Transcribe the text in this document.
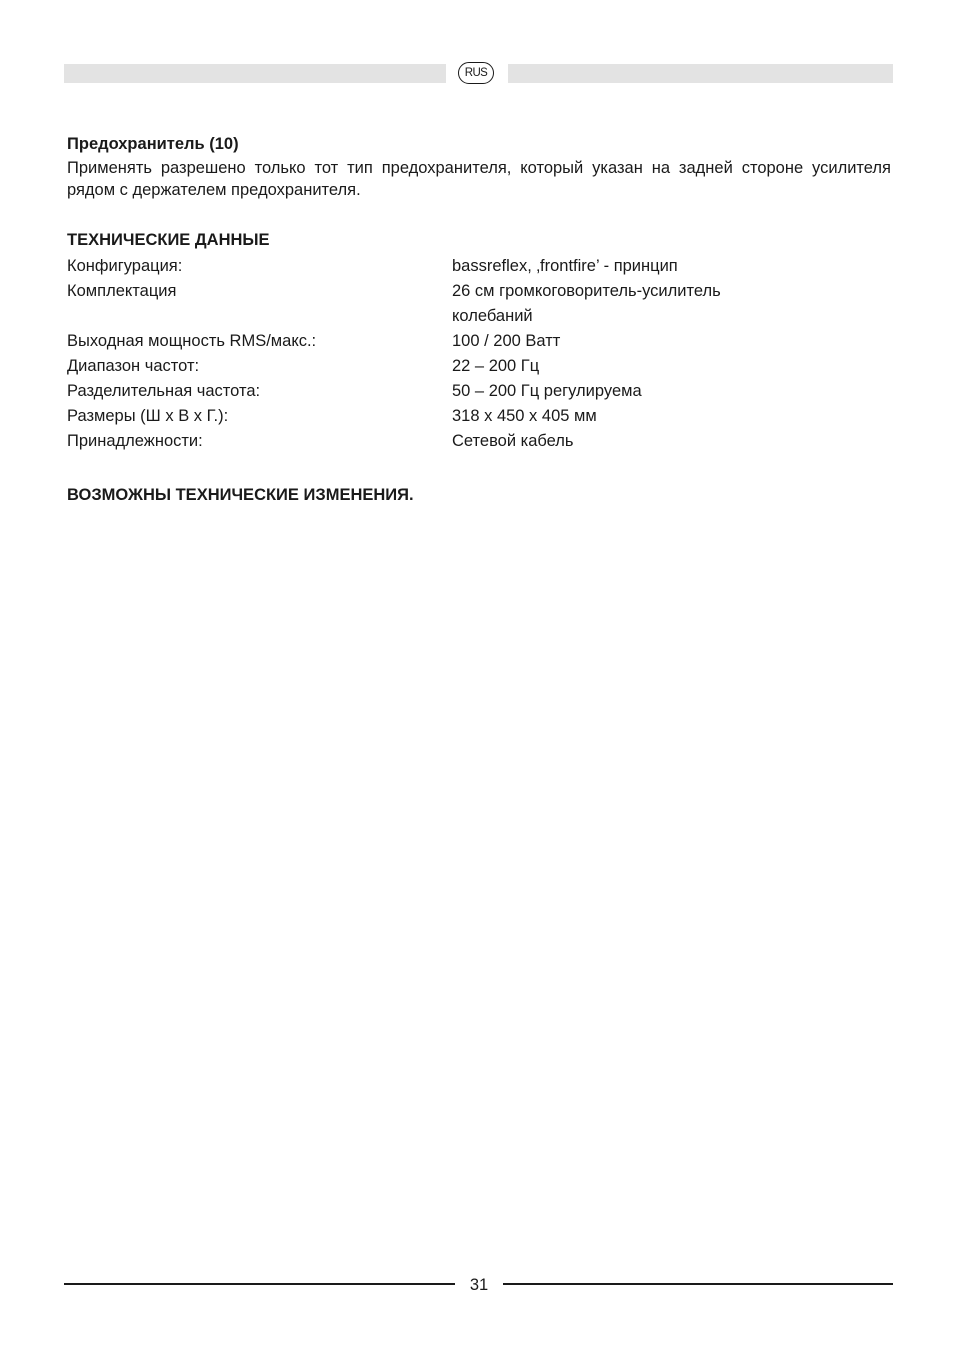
RUS

Предохранитель (10)

Применять разрешено только тот тип предохранителя, который указан на задней стороне усилителя рядом с держателем предохранителя.

ТЕХНИЧЕСКИЕ ДАННЫЕ

Конфигурация:	bassreflex, ‚frontfire’ - принцип
Комплектация	26 см громкоговоритель-усилитель
колебаний
Выходная мощность RMS/макс.:	100 / 200 Ватт
Диапазон частот:	22 – 200 Гц
Разделительная частота:	50 – 200 Гц регулируема
Размеры (Ш x В x Г.):	318 x 450 x 405 мм
Принадлежности:	Сетевой кабель

ВОЗМОЖНЫ ТЕХНИЧЕСКИЕ ИЗМЕНЕНИЯ.

31
